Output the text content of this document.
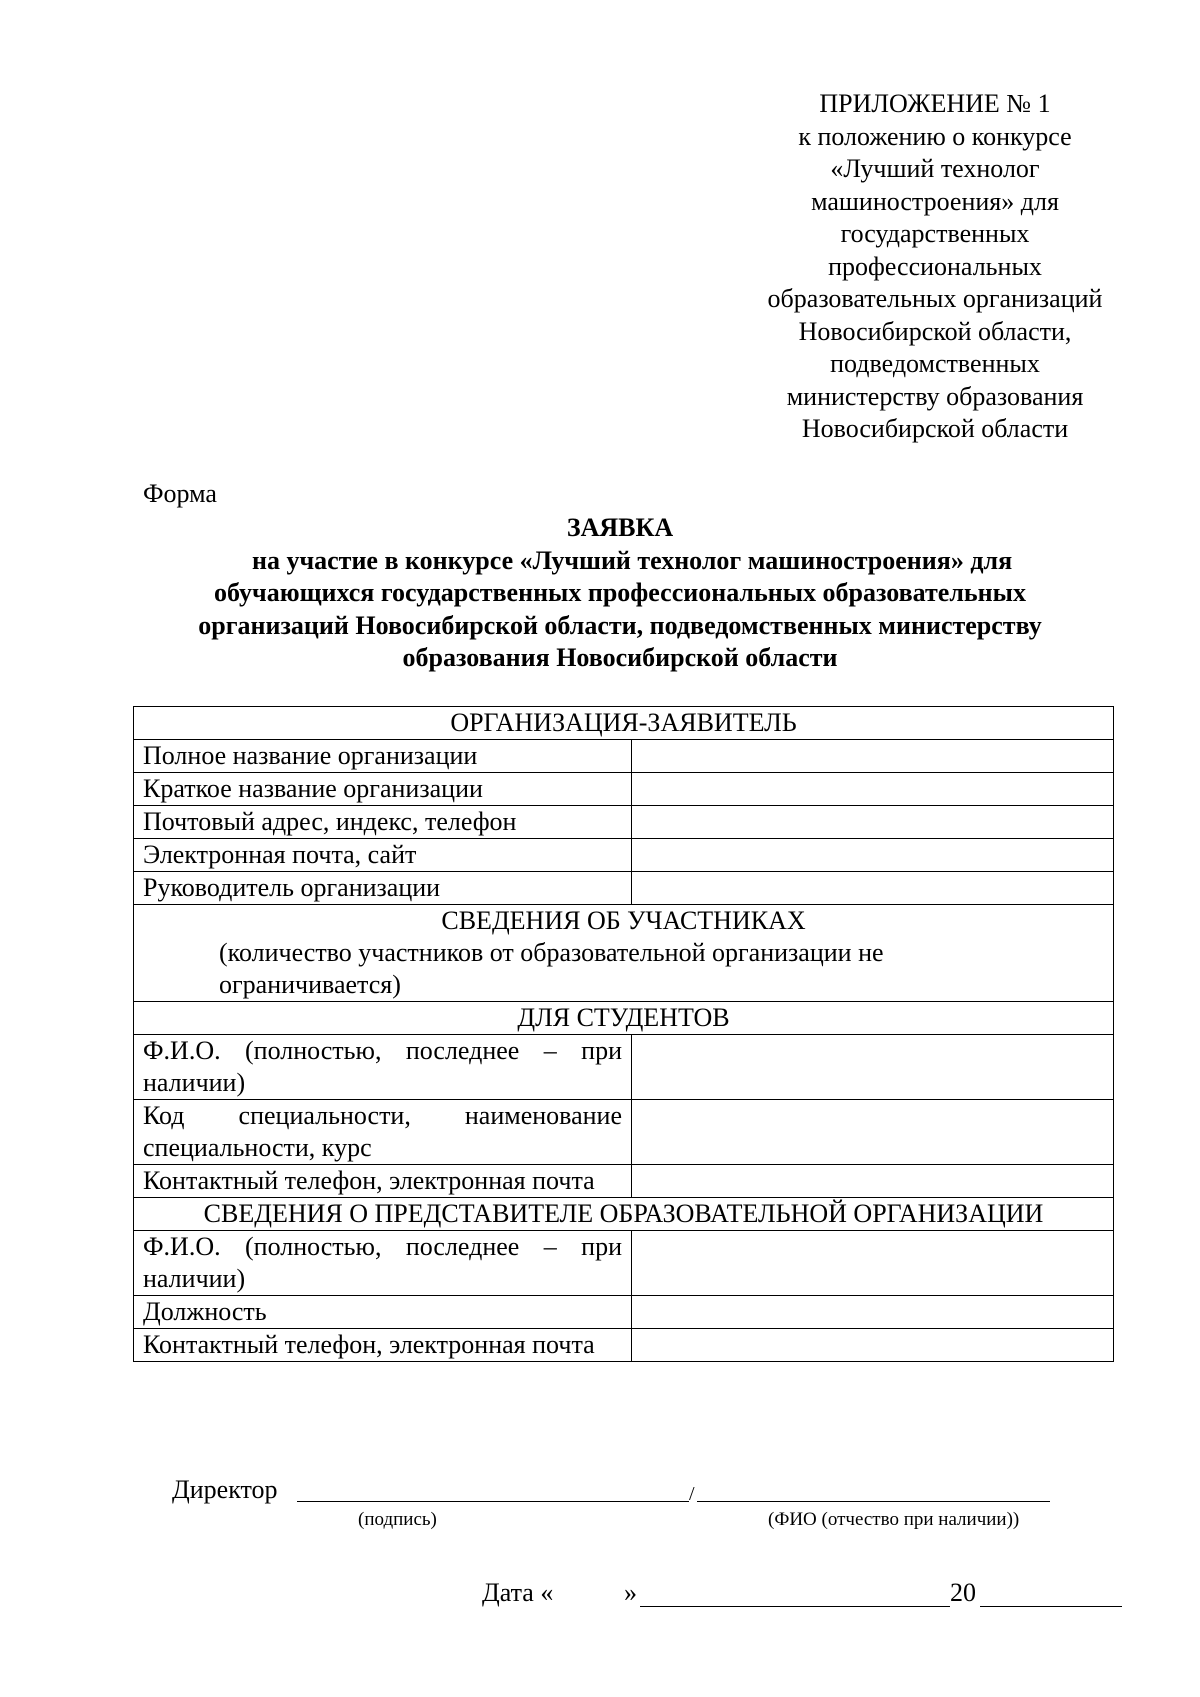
ПРИЛОЖЕНИЕ № 1
к положению о конкурсе
«Лучший технолог
машиностроения» для
государственных
профессиональных
образовательных организаций
Новосибирской области,
подведомственных
министерству образования
Новосибирской области
Форма
ЗАЯВКА
на участие в конкурсе «Лучший технолог машиностроения» для
обучающихся государственных профессиональных образовательных
организаций Новосибирской области, подведомственных министерству
образования Новосибирской области
ОРГАНИЗАЦИЯ-ЗАЯВИТЕЛЬ	
Полное название организации	
Краткое название организации	
Почтовый адрес, индекс, телефон	
Электронная почта, сайт	
Руководитель организации	

СВЕДЕНИЯ ОБ УЧАСТНИКАХ
(количество участников от образовательной организации не
ограничивается)	

ДЛЯ СТУДЕНТОВ	
Ф.И.О. (полностью, последнее – при наличии)	
Код специальности, наименование специальности, курс	
Контактный телефон, электронная почта	
СВЕДЕНИЯ О ПРЕДСТАВИТЕЛЕ ОБРАЗОВАТЕЛЬНОЙ ОРГАНИЗАЦИИ	
Ф.И.О. (полностью, последнее – при наличии)	
Должность	
Контактный телефон, электронная почта	
Директор	/
(подпись)	(ФИО (отчество при наличии))
Дата «	»	20
